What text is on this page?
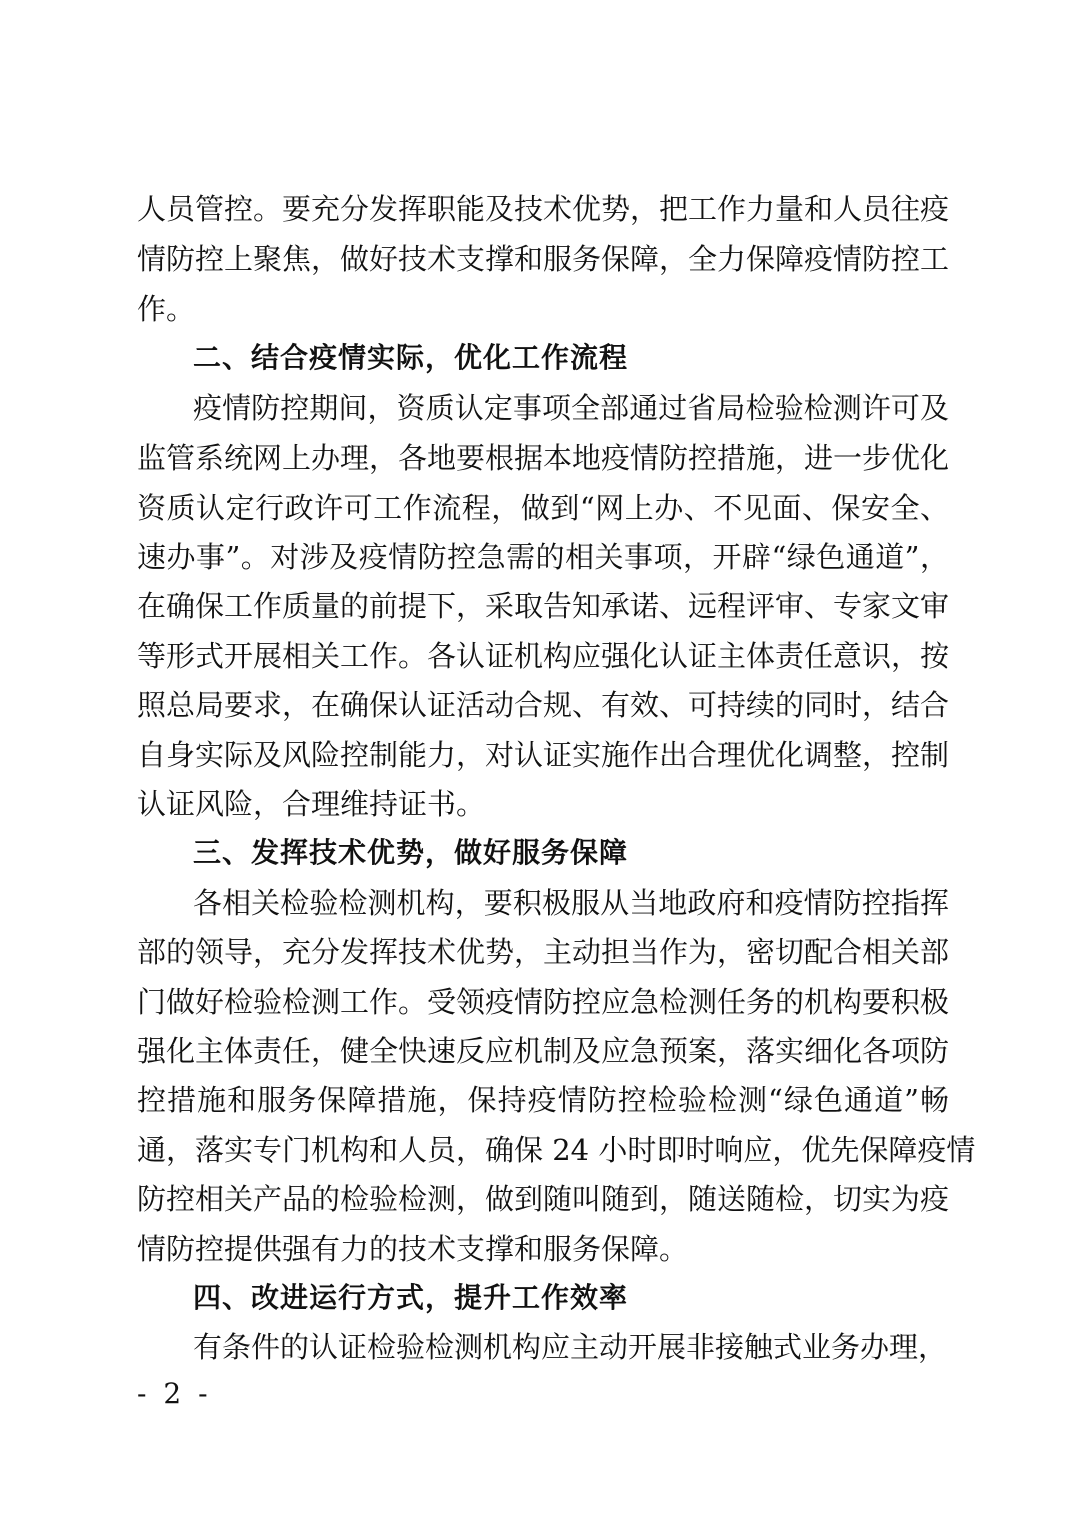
人员管控。要充分发挥职能及技术优势，把工作力量和人员往疫
情防控上聚焦，做好技术支撑和服务保障，全力保障疫情防控工
作。
二、结合疫情实际，优化工作流程
疫情防控期间，资质认定事项全部通过省局检验检测许可及
监管系统网上办理，各地要根据本地疫情防控措施，进一步优化
资质认定行政许可工作流程，做到“网上办、不见面、保安全、
速办事”。对涉及疫情防控急需的相关事项，开辟“绿色通道”，
在确保工作质量的前提下，采取告知承诺、远程评审、专家文审
等形式开展相关工作。各认证机构应强化认证主体责任意识，按
照总局要求，在确保认证活动合规、有效、可持续的同时，结合
自身实际及风险控制能力，对认证实施作出合理优化调整，控制
认证风险，合理维持证书。
三、发挥技术优势，做好服务保障
各相关检验检测机构，要积极服从当地政府和疫情防控指挥
部的领导，充分发挥技术优势，主动担当作为，密切配合相关部
门做好检验检测工作。受领疫情防控应急检测任务的机构要积极
强化主体责任，健全快速反应机制及应急预案，落实细化各项防
控措施和服务保障措施，保持疫情防控检验检测“绿色通道”畅
通，落实专门机构和人员，确保 24 小时即时响应，优先保障疫情
防控相关产品的检验检测，做到随叫随到，随送随检，切实为疫
情防控提供强有力的技术支撑和服务保障。
四、改进运行方式，提升工作效率
有条件的认证检验检测机构应主动开展非接触式业务办理，
- 2 -
